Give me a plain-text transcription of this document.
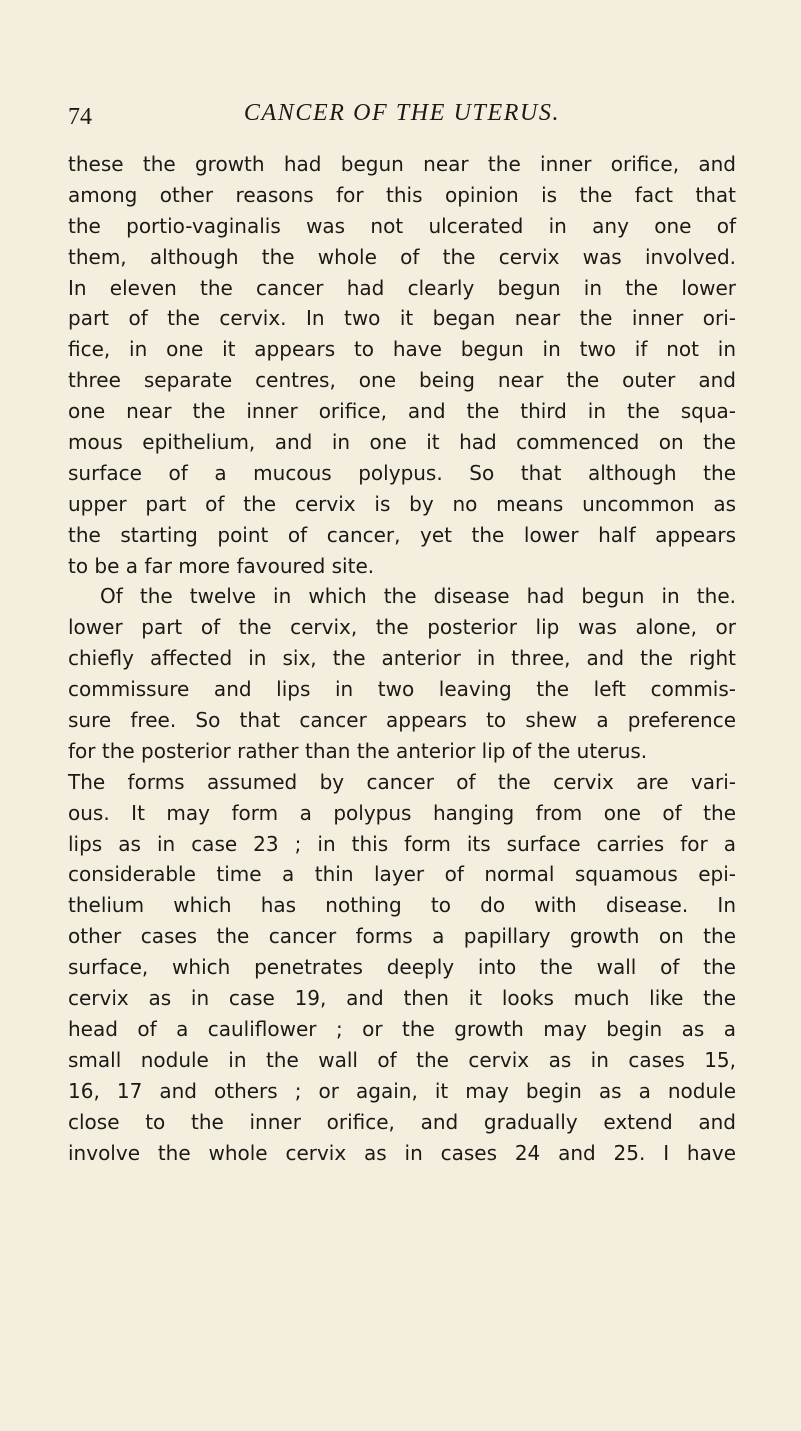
74	CANCER OF THE UTERUS.
these the growth had begun near the inner orifice, and
among other reasons for this opinion is the fact that
the portio-vaginalis was not ulcerated in any one of
them, although the whole of the cervix was involved.
In eleven the cancer had clearly begun in the lower
part of the cervix. In two it began near the inner ori-
fice, in one it appears to have begun in two if not in
three separate centres, one being near the outer and
one near the inner orifice, and the third in the squa-
mous epithelium, and in one it had commenced on the
surface of a mucous polypus. So that although the
upper part of the cervix is by no means uncommon as
the starting point of cancer, yet the lower half appears
to be a far more favoured site.
Of the twelve in which the disease had begun in the.
lower part of the cervix, the posterior lip was alone, or
chiefly affected in six, the anterior in three, and the right
commissure and lips in two leaving the left commis-
sure free. So that cancer appears to shew a preference
for the posterior rather than the anterior lip of the uterus.
The forms assumed by cancer of the cervix are vari-
ous. It may form a polypus hanging from one of the
lips as in case 23 ; in this form its surface carries for a
considerable time a thin layer of normal squamous epi-
thelium which has nothing to do with disease. In
other cases the cancer forms a papillary growth on the
surface, which penetrates deeply into the wall of the
cervix as in case 19, and then it looks much like the
head of a cauliflower ; or the growth may begin as a
small nodule in the wall of the cervix as in cases 15,
16, 17 and others ; or again, it may begin as a nodule
close to the inner orifice, and gradually extend and
involve the whole cervix as in cases 24 and 25. I have
